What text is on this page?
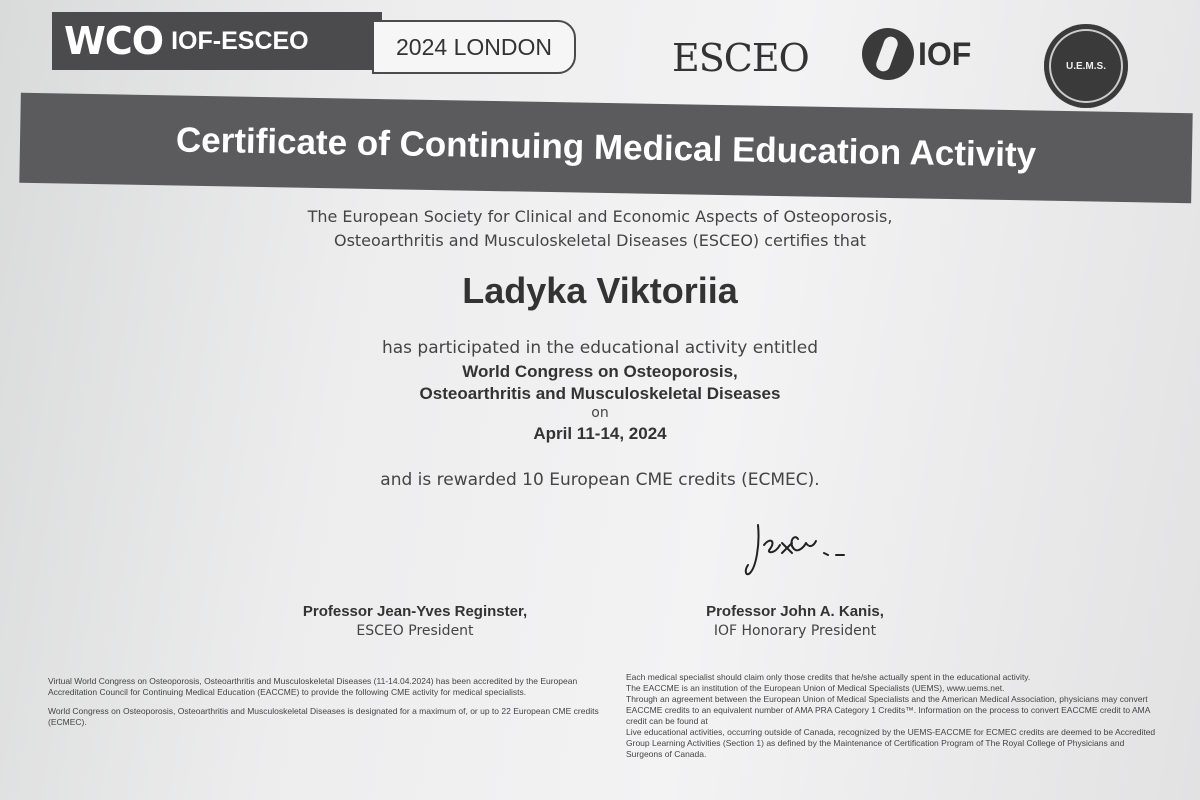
WCO IOF-ESCEO	2024 LONDON	ESCEO	IOF	U.E.M.S.
Certificate of Continuing Medical Education Activity
The European Society for Clinical and Economic Aspects of Osteoporosis,
Osteoarthritis and Musculoskeletal Diseases (ESCEO) certifies that
Ladyka Viktoriia
has participated in the educational activity entitled
World Congress on Osteoporosis,
Osteoarthritis and Musculoskeletal Diseases
on
April 11-14, 2024
and is rewarded 10 European CME credits (ECMEC).
Professor Jean-Yves Reginster,
ESCEO President
Professor John A. Kanis,
IOF Honorary President

Virtual World Congress on Osteoporosis, Osteoarthritis and Musculoskeletal Diseases (11-14.04.2024) has been accredited by the European Accreditation Council for Continuing Medical Education (EACCME) to provide the following CME activity for medical specialists.

World Congress on Osteoporosis, Osteoarthritis and Musculoskeletal Diseases is designated for a maximum of, or up to 22 European CME credits (ECMEC).

Each medical specialist should claim only those credits that he/she actually spent in the educational activity.

The EACCME is an institution of the European Union of Medical Specialists (UEMS), www.uems.net.

Through an agreement between the European Union of Medical Specialists and the American Medical Association, physicians may convert

EACCME credits to an equivalent number of AMA PRA Category 1 Credits™. Information on the process to convert EACCME credit to AMA credit can be found at

Live educational activities, occurring outside of Canada, recognized by the UEMS-EACCME for ECMEC credits are deemed to be Accredited

Group Learning Activities (Section 1) as defined by the Maintenance of Certification Program of The Royal College of Physicians and Surgeons of Canada.
